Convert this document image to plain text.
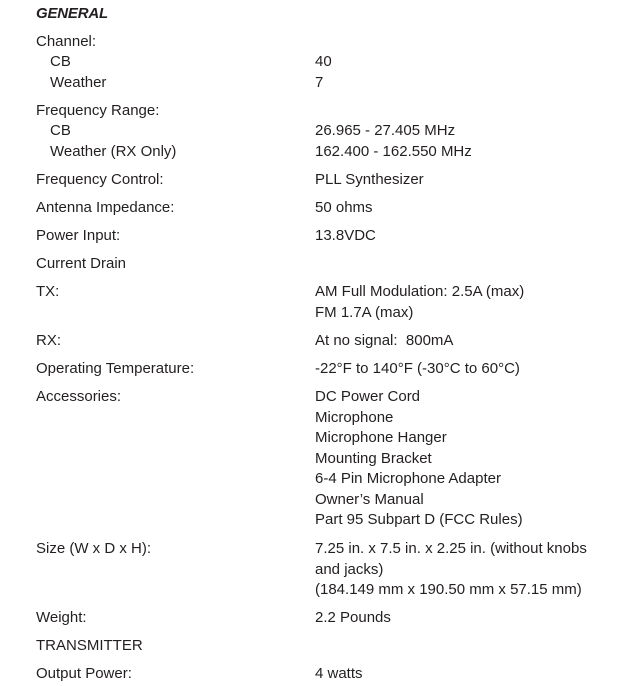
GENERAL
Channel:
CB	40
Weather	7
Frequency Range:
CB	26.965 - 27.405 MHz
Weather (RX Only)	162.400 - 162.550 MHz
Frequency Control:	PLL Synthesizer
Antenna Impedance:	50 ohms
Power Input:	13.8VDC
Current Drain
TX:	AM Full Modulation: 2.5A (max)
FM 1.7A (max)
RX:	At no signal:  800mA
Operating Temperature:	-22°F to 140°F (-30°C to 60°C)
Accessories:	DC Power Cord
Microphone
Microphone Hanger
Mounting Bracket
6-4 Pin Microphone Adapter
Owner’s Manual
Part 95 Subpart D (FCC Rules)
Size (W x D x H):	7.25 in. x 7.5 in. x 2.25 in. (without knobs
and jacks)
(184.149 mm x 190.50 mm x 57.15 mm)
Weight:	2.2 Pounds
TRANSMITTER
Output Power:	4 watts
